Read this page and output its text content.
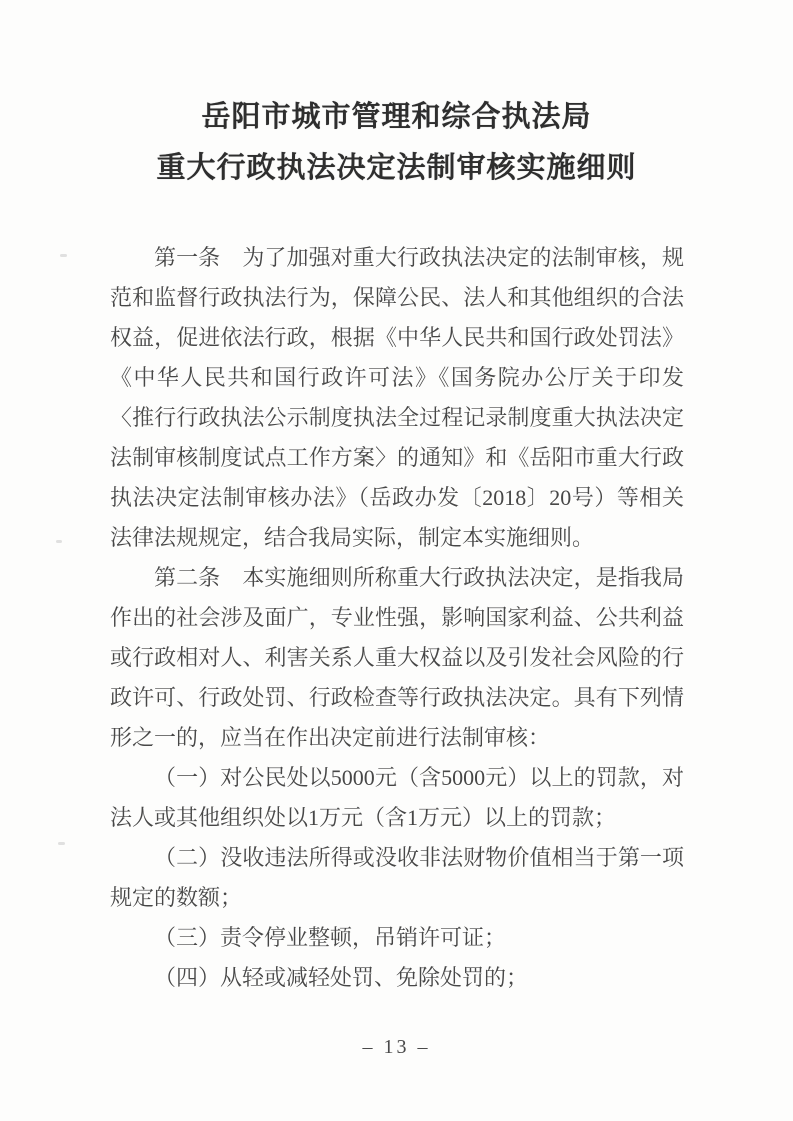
岳阳市城市管理和综合执法局
重大行政执法决定法制审核实施细则

第一条　为了加强对重大行政执法决定的法制审核，规范和监督行政执法行为，保障公民、法人和其他组织的合法权益，促进依法行政，根据《中华人民共和国行政处罚法》《中华人民共和国行政许可法》《国务院办公厅关于印发〈推行行政执法公示制度执法全过程记录制度重大执法决定法制审核制度试点工作方案〉的通知》和《岳阳市重大行政执法决定法制审核办法》（岳政办发〔2018〕20号）等相关法律法规规定，结合我局实际，制定本实施细则。

第二条　本实施细则所称重大行政执法决定，是指我局作出的社会涉及面广，专业性强，影响国家利益、公共利益或行政相对人、利害关系人重大权益以及引发社会风险的行政许可、行政处罚、行政检查等行政执法决定。具有下列情形之一的，应当在作出决定前进行法制审核：

（一）对公民处以5000元（含5000元）以上的罚款，对法人或其他组织处以1万元（含1万元）以上的罚款；

（二）没收违法所得或没收非法财物价值相当于第一项规定的数额；

（三）责令停业整顿，吊销许可证；

（四）从轻或减轻处罚、免除处罚的；

– 13 –
